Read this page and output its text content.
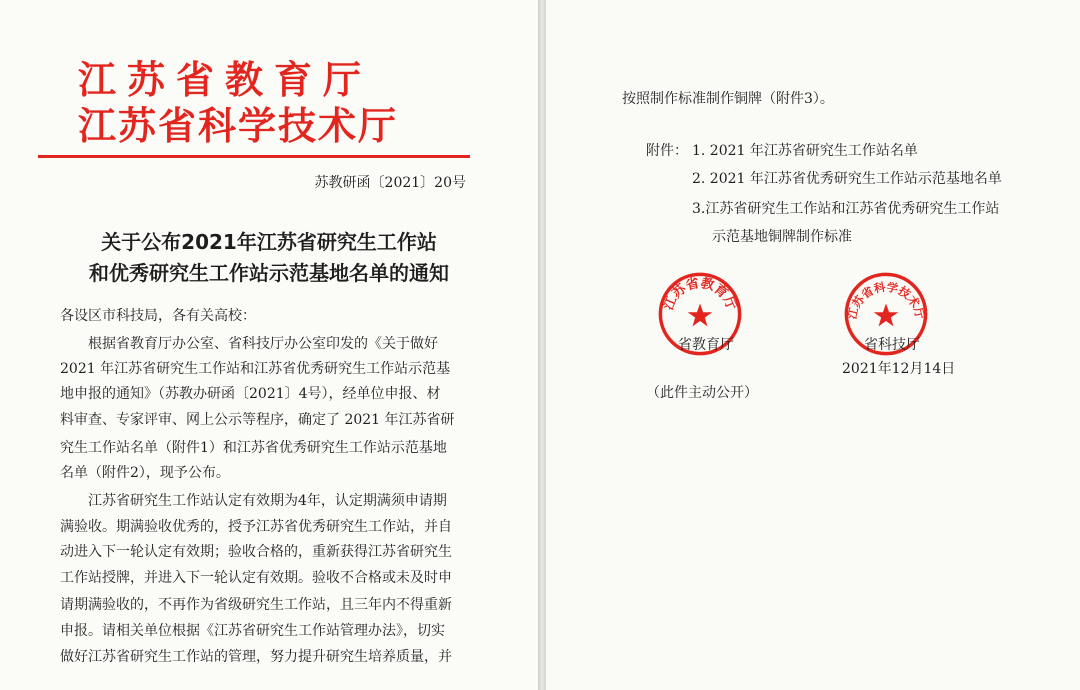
江苏省教育厅
江苏省科学技术厅
苏教研函〔2021〕20号
关于公布2021年江苏省研究生工作站
和优秀研究生工作站示范基地名单的通知
各设区市科技局，各有关高校：
根据省教育厅办公室、省科技厅办公室印发的《关于做好
2021 年江苏省研究生工作站和江苏省优秀研究生工作站示范基
地申报的通知》（苏教办研函〔2021〕4号），经单位申报、材
料审查、专家评审、网上公示等程序，确定了 2021 年江苏省研
究生工作站名单（附件1）和江苏省优秀研究生工作站示范基地
名单（附件2），现予公布。
江苏省研究生工作站认定有效期为4年，认定期满须申请期
满验收。期满验收优秀的，授予江苏省优秀研究生工作站，并自
动进入下一轮认定有效期；验收合格的，重新获得江苏省研究生
工作站授牌，并进入下一轮认定有效期。验收不合格或未及时申
请期满验收的，不再作为省级研究生工作站，且三年内不得重新
申报。请相关单位根据《江苏省研究生工作站管理办法》，切实
做好江苏省研究生工作站的管理，努力提升研究生培养质量，并
按照制作标准制作铜牌（附件3）。
附件： 1. 2021 年江苏省研究生工作站名单
2. 2021 年江苏省优秀研究生工作站示范基地名单
3.江苏省研究生工作站和江苏省优秀研究生工作站
示范基地铜牌制作标准
江苏省教育厅
省教育厅
江苏省科学技术厅
省科技厅
2021年12月14日
（此件主动公开）
